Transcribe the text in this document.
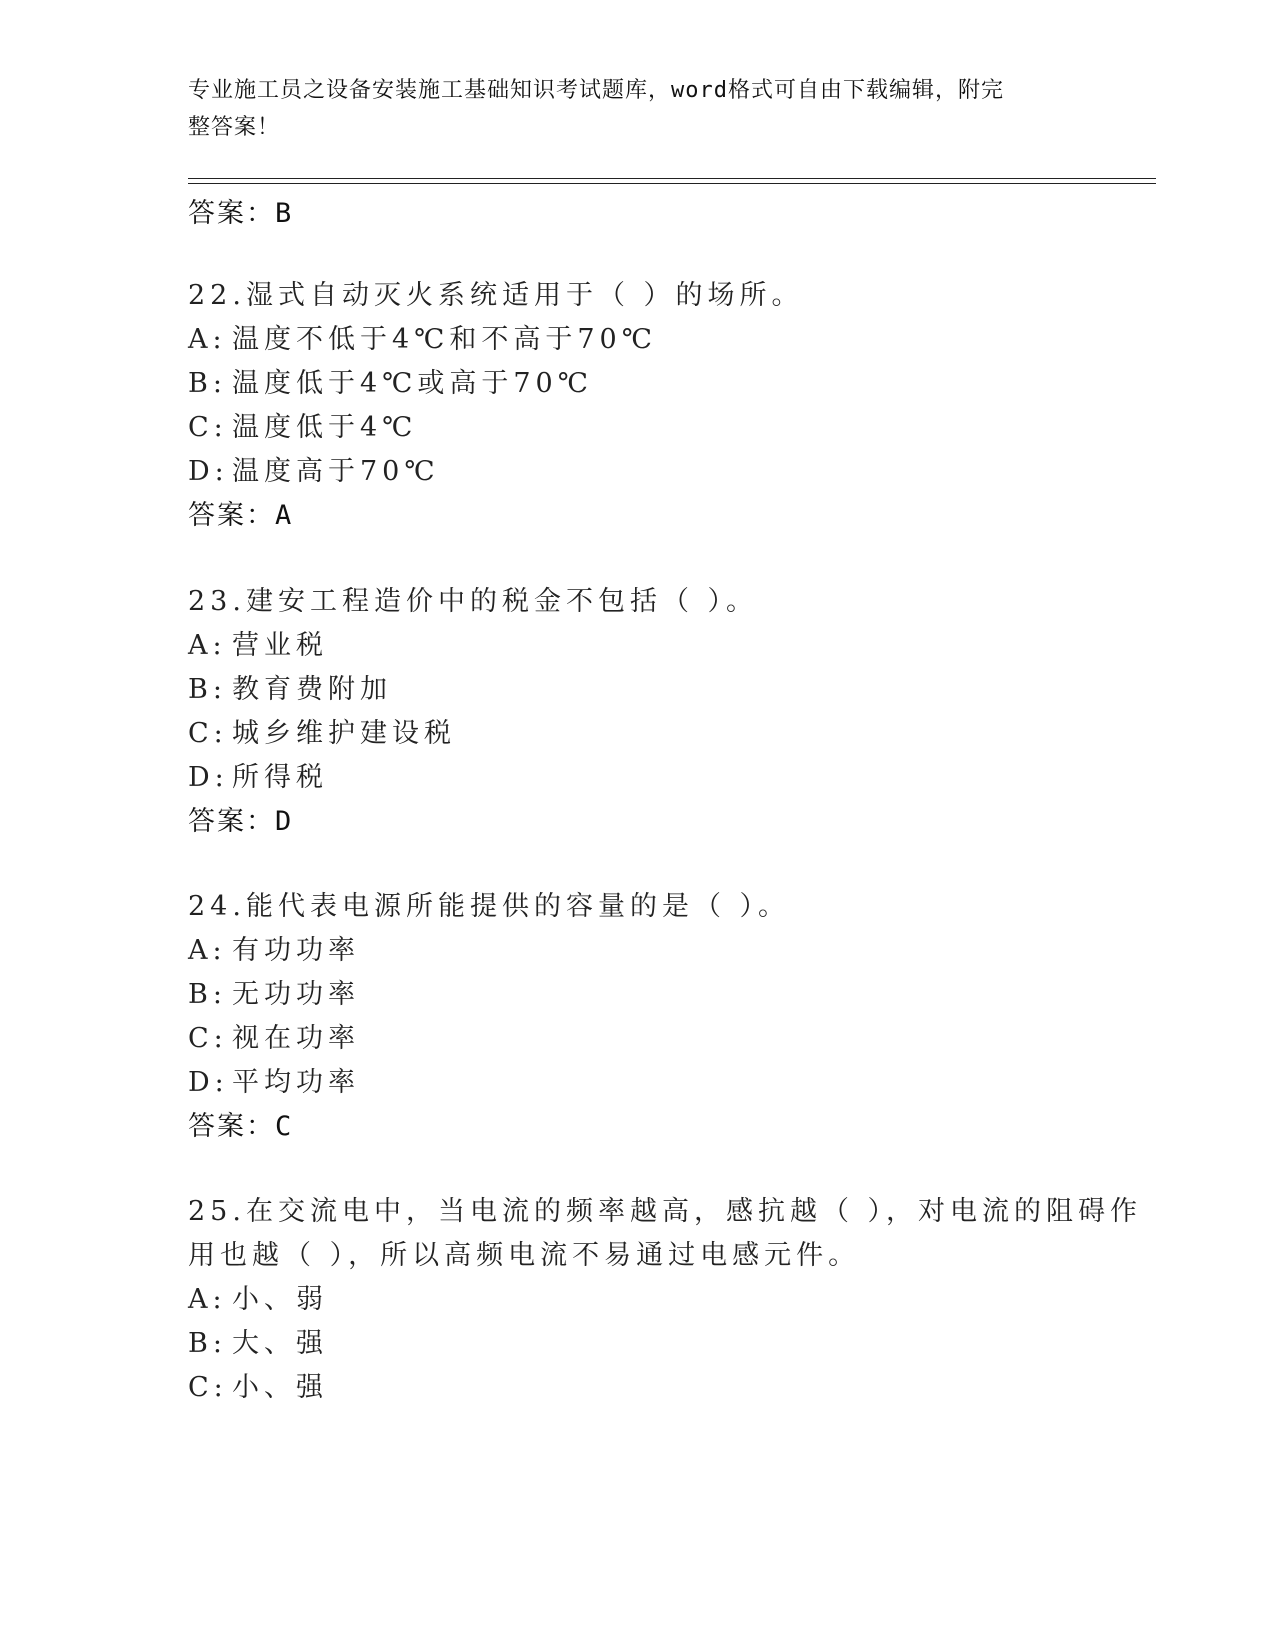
专业施工员之设备安装施工基础知识考试题库，word格式可自由下载编辑，附完
整答案！
答案：B
22.湿式自动灭火系统适用于（ ）的场所。
A: 温度不低于4℃和不高于70℃
B: 温度低于4℃或高于70℃
C: 温度低于4℃
D: 温度高于70℃
答案：A
23.建安工程造价中的税金不包括（ ）。
A: 营业税
B: 教育费附加
C: 城乡维护建设税
D: 所得税
答案：D
24.能代表电源所能提供的容量的是（ ）。
A: 有功功率
B: 无功功率
C: 视在功率
D: 平均功率
答案：C
25.在交流电中，当电流的频率越高，感抗越（ ），对电流的阻碍作
用也越（ ），所以高频电流不易通过电感元件。
A: 小、弱
B: 大、强
C: 小、强
